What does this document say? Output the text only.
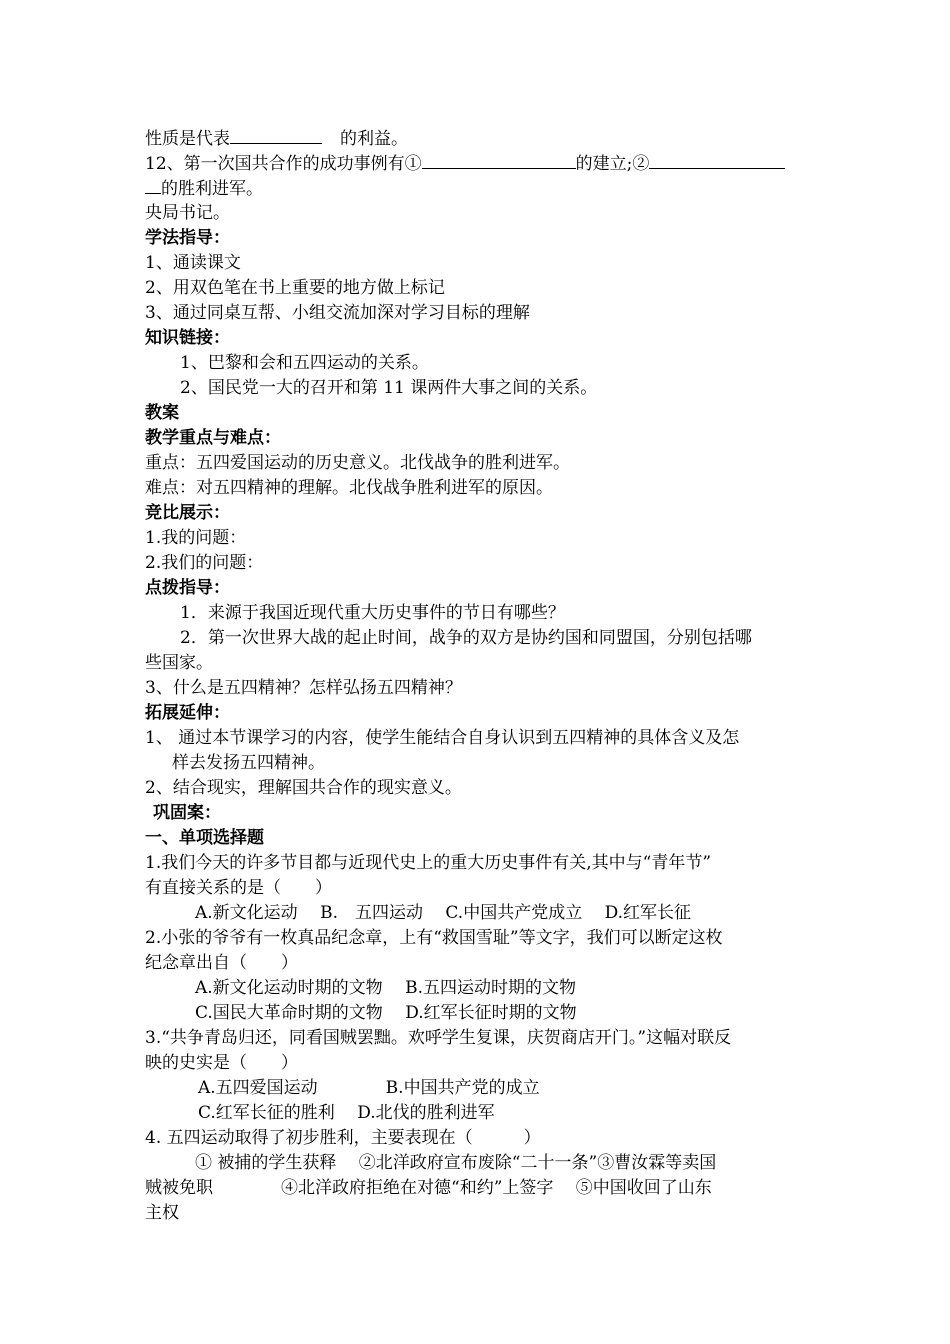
性质是代表	的利益。
12、第一次国共合作的成功事例有①	的建立;②
的胜利进军。
央局书记。
学法指导：
1、通读课文
2、用双色笔在书上重要的地方做上标记
3、通过同桌互帮、小组交流加深对学习目标的理解
知识链接：
1、巴黎和会和五四运动的关系。
2、国民党一大的召开和第 11 课两件大事之间的关系。
教案
教学重点与难点：
重点：五四爱国运动的历史意义。北伐战争的胜利进军。
难点：对五四精神的理解。北伐战争胜利进军的原因。
竞比展示：
1.我的问题：
2.我们的问题：
点拨指导：
1．来源于我国近现代重大历史事件的节日有哪些？
2．第一次世界大战的起止时间，战争的双方是协约国和同盟国，分别包括哪
些国家。
3、什么是五四精神？怎样弘扬五四精神？
拓展延伸：
1、 通过本节课学习的内容，使学生能结合自身认识到五四精神的具体含义及怎
样去发扬五四精神。
2、结合现实，理解国共合作的现实意义。
巩固案：
一、单项选择题
1.我们今天的许多节目都与近现代史上的重大历史事件有关,其中与“青年节”
有直接关系的是（　　）
A.新文化运动　 B.　五四运动　 C.中国共产党成立　 D.红军长征
2.小张的爷爷有一枚真品纪念章，上有“救国雪耻”等文字，我们可以断定这枚
纪念章出自（　　）
A.新文化运动时期的文物　 B.五四运动时期的文物
C.国民大革命时期的文物　 D.红军长征时期的文物
3.“共争青岛归还，同看国贼罢黜。欢呼学生复课，庆贺商店开门。”这幅对联反
映的史实是（　　）
A.五四爱国运动　　　　B.中国共产党的成立
C.红军长征的胜利　 D.北伐的胜利进军
4. 五四运动取得了初步胜利，主要表现在（　　　）
① 被捕的学生获释　 ②北洋政府宣布废除“二十一条”③曹汝霖等卖国
贼被免职　　　　④北洋政府拒绝在对德“和约”上签字　 ⑤中国收回了山东
主权
